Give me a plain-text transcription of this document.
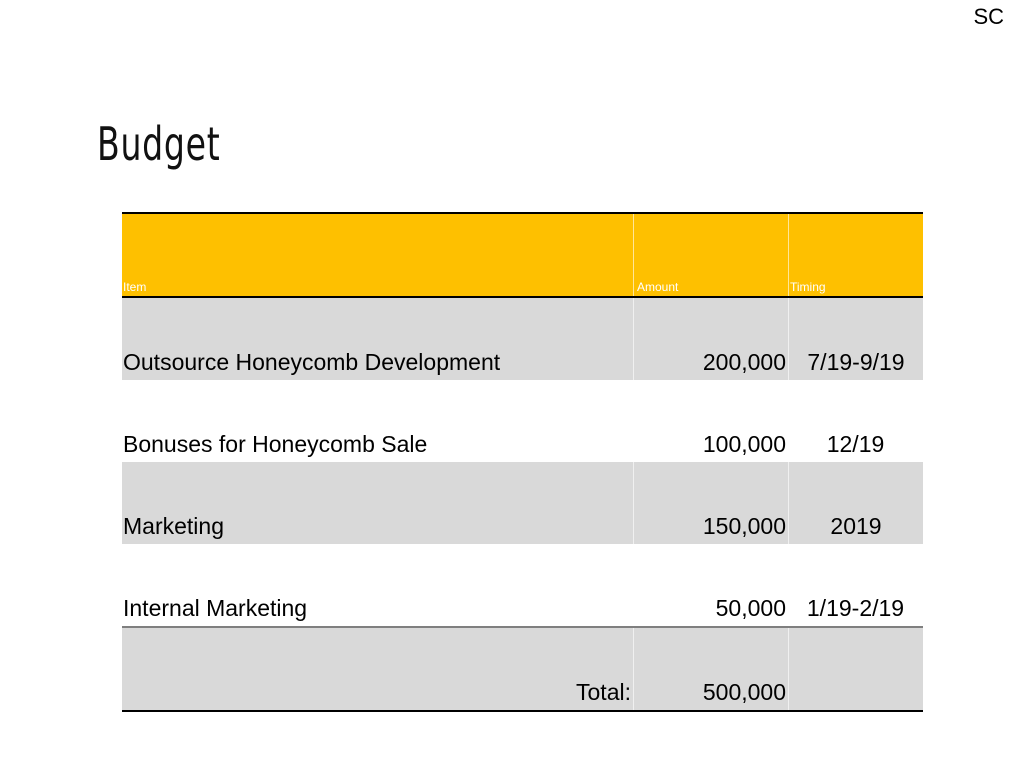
SC
Budget
Item	Amount	Timing
Outsource Honeycomb Development	200,000 7/19-9/19
Bonuses for Honeycomb Sale	100,000	12/19
Marketing	150,000	2019
Internal Marketing	50,000 1/19-2/19
Total:	500,000
